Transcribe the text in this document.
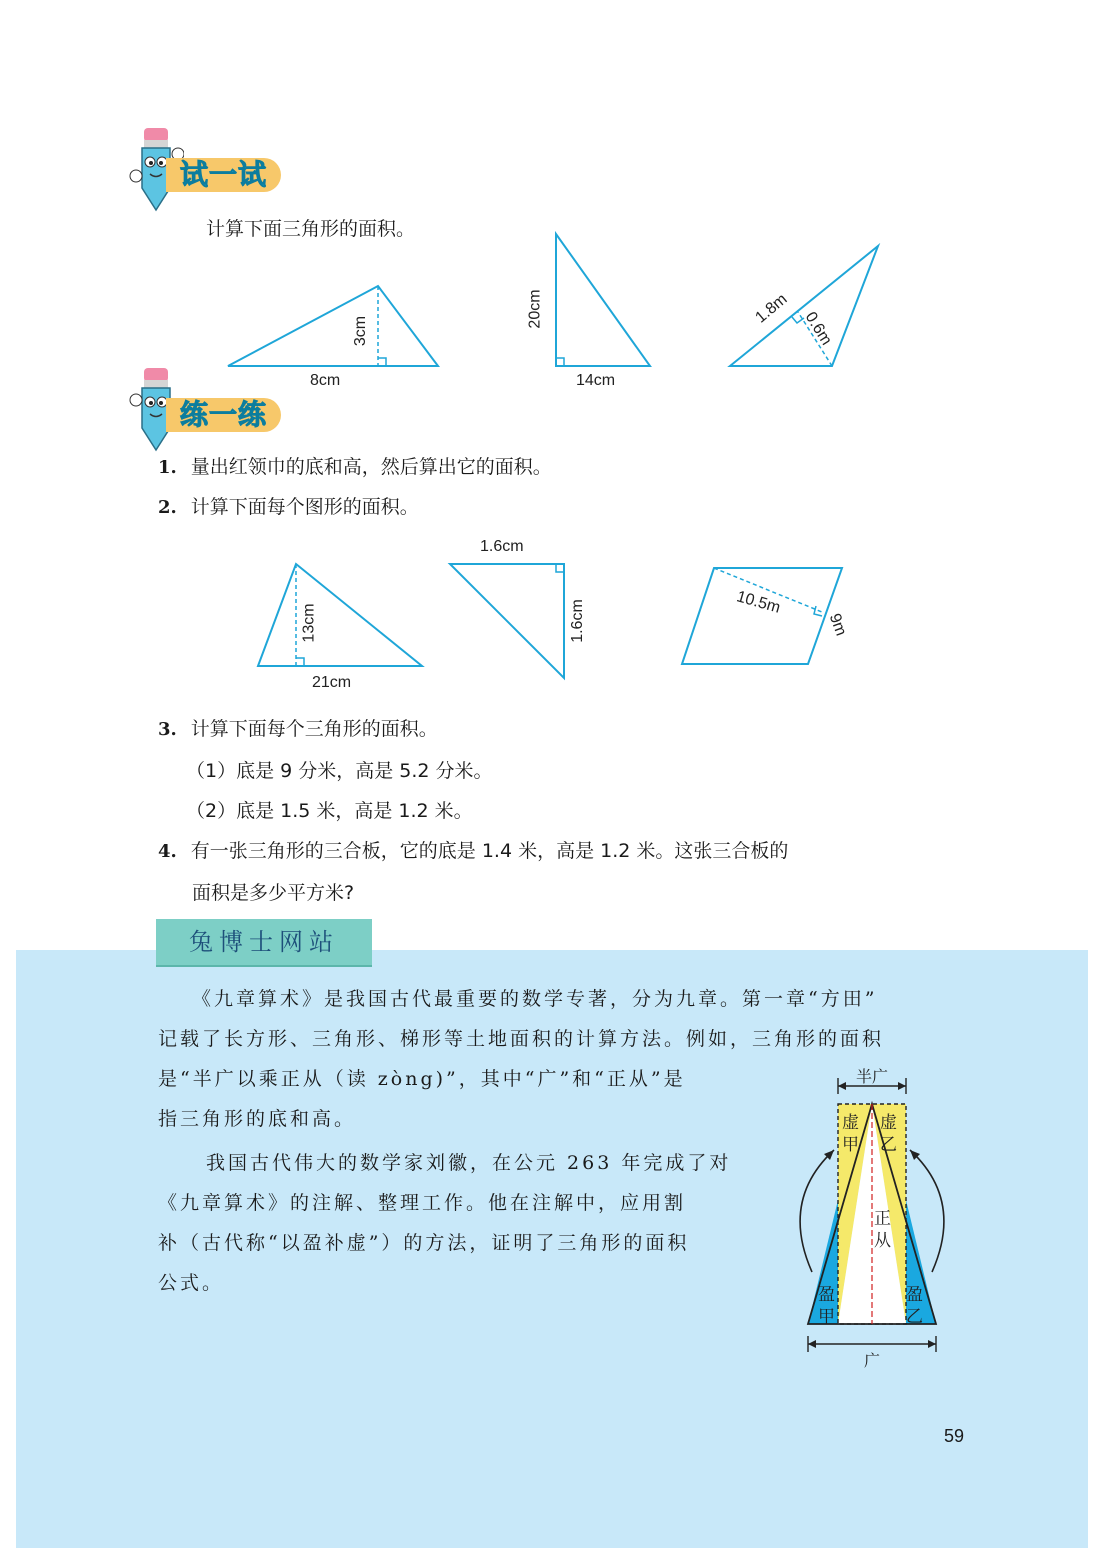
试一试
计算下面三角形的面积。
8cm
3cm
20cm
14cm
1.8m
0.6m
练一练
1. 量出红领巾的底和高，然后算出它的面积。
2. 计算下面每个图形的面积。
1.6cm
13cm
21cm
1.6cm	10.5m
9m
3. 计算下面每个三角形的面积。
（1）底是 9 分米，高是 5.2 分米。
（2）底是 1.5 米，高是 1.2 米。
4. 有一张三角形的三合板，它的底是 1.4 米，高是 1.2 米。这张三合板的
面积是多少平方米?
兔博士网站
《九章算术》是我国古代最重要的数学专著，分为九章。第一章“方田”
记载了长方形、三角形、梯形等土地面积的计算方法。例如，三角形的面积
是“半广以乘正从（读 zòng)”，其中“广”和“正从”是
指三角形的底和高。
我国古代伟大的数学家刘徽，在公元 263 年完成了对
《九章算术》的注解、整理工作。他在注解中，应用割
补（古代称“以盈补虚”）的方法，证明了三角形的面积
公式。
半广
广
虚
甲
虚
乙
正
从
盈
甲
盈
乙
59
